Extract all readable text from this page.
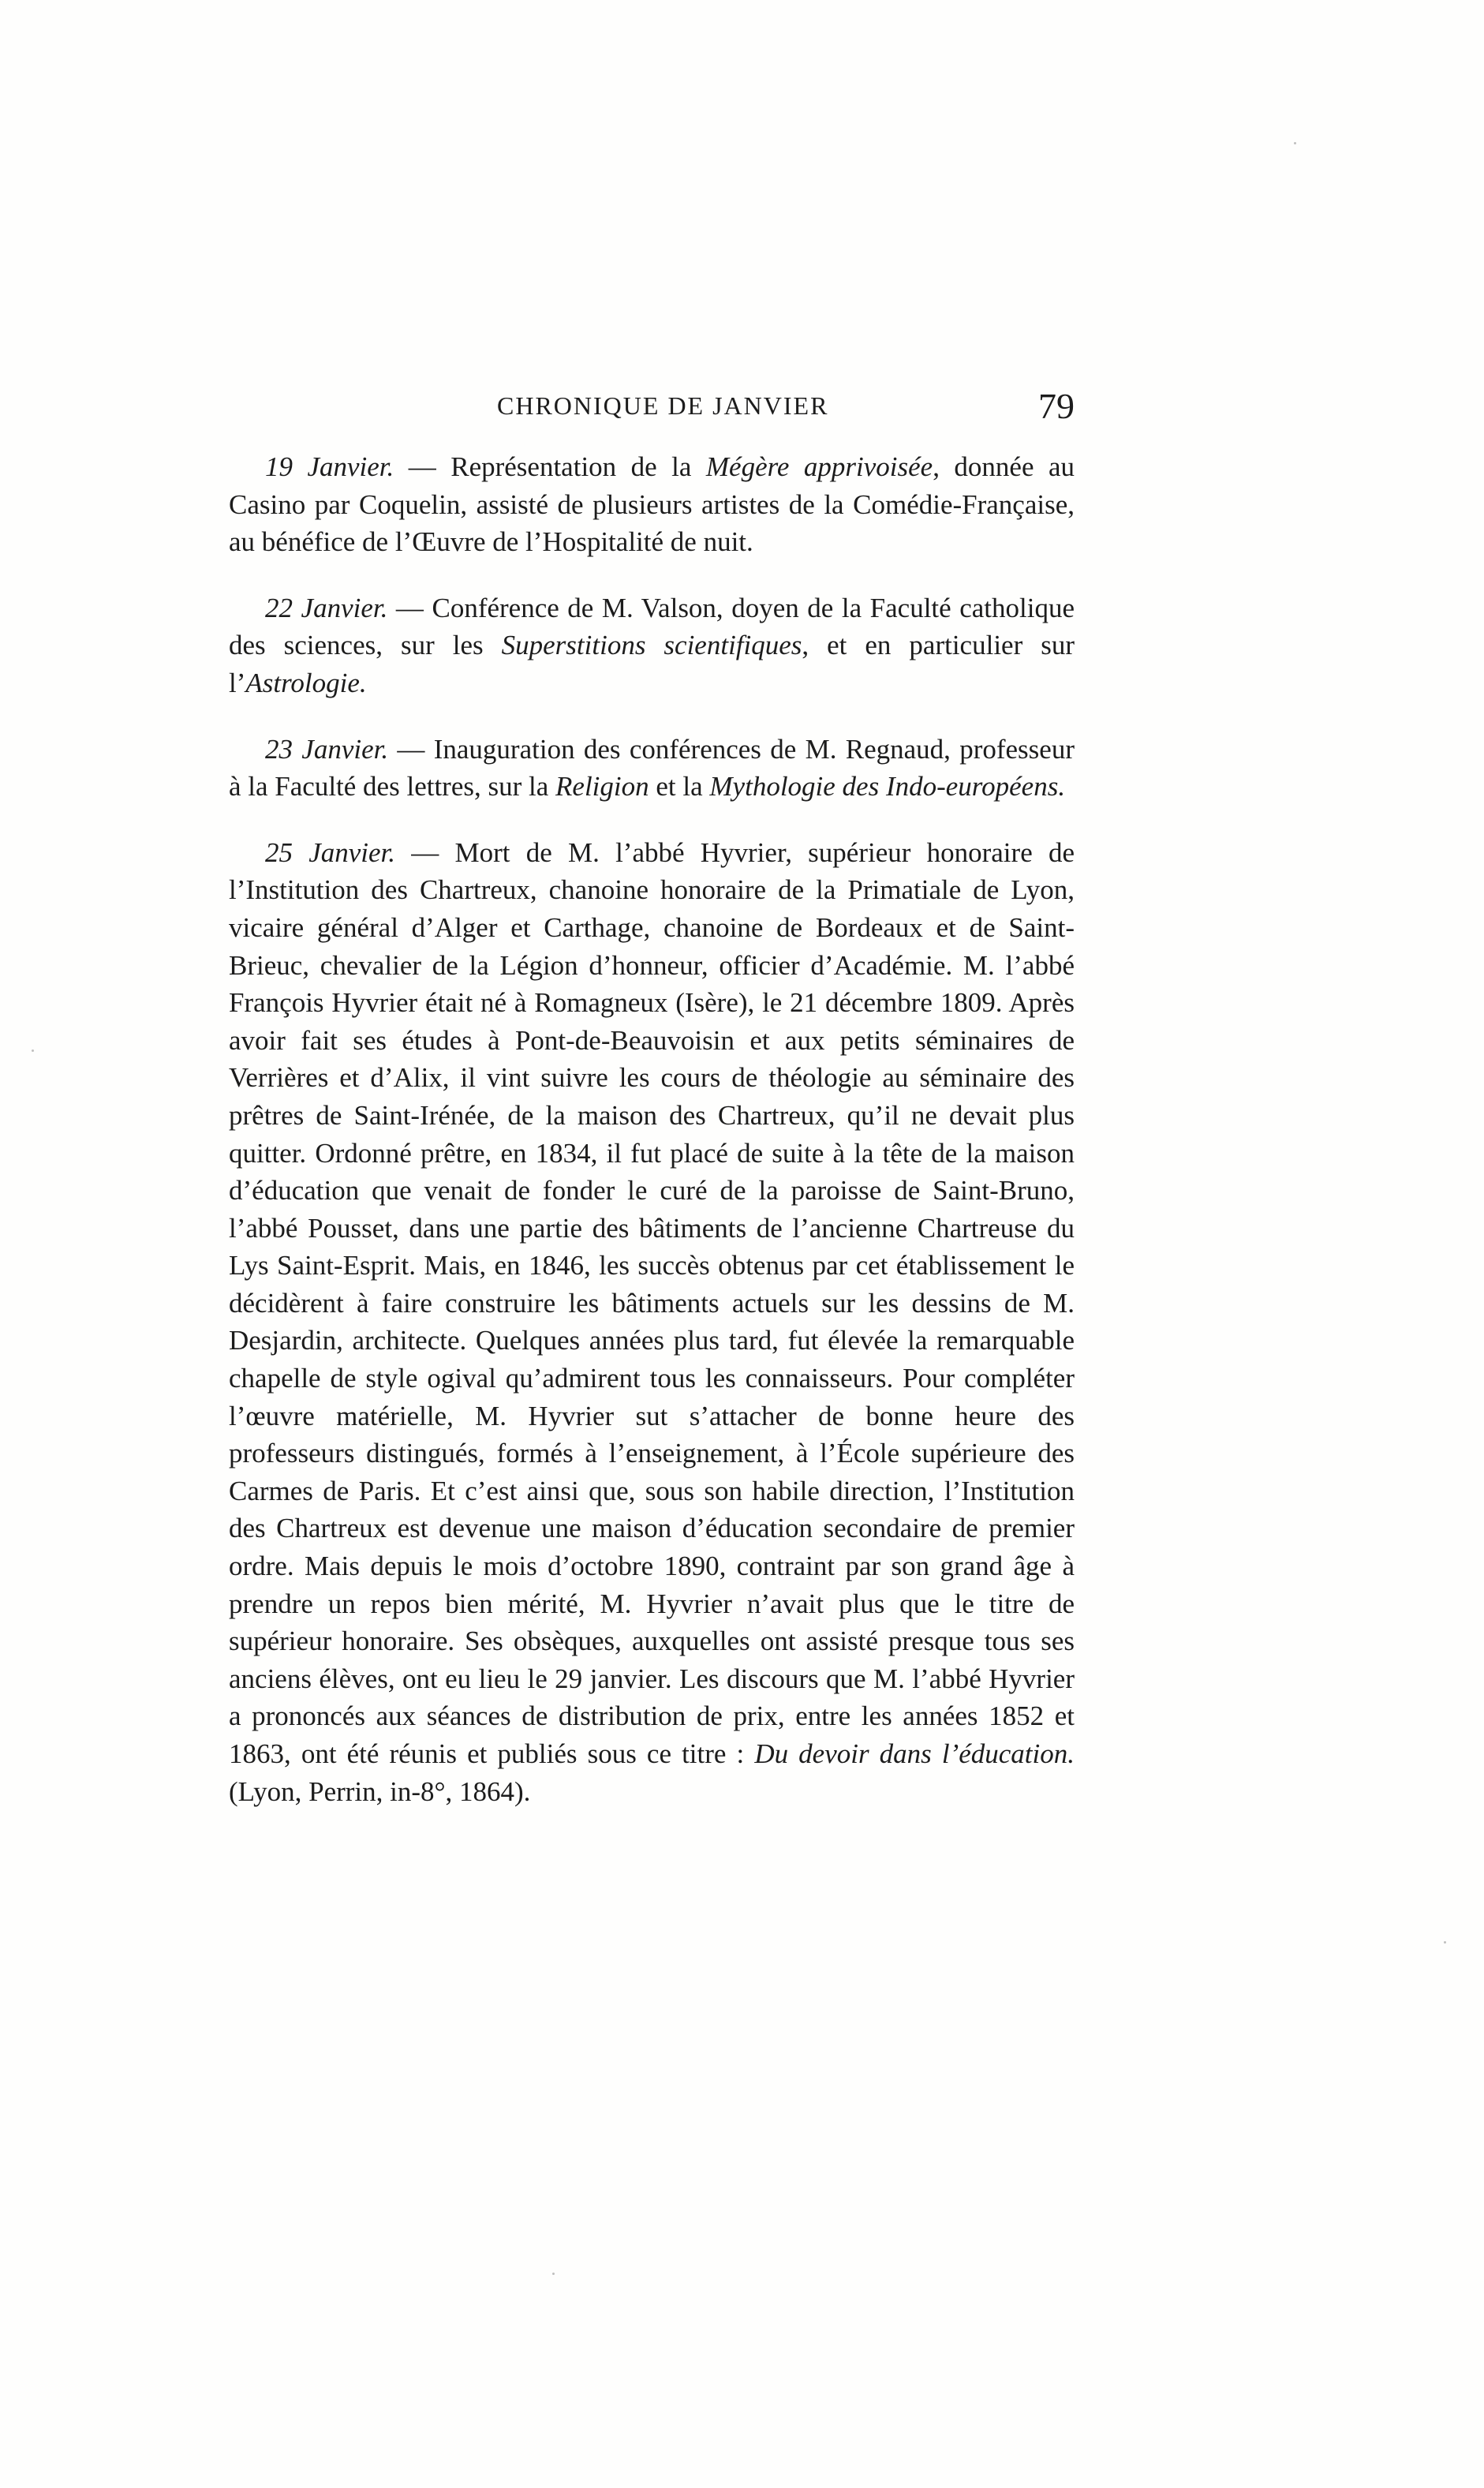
CHRONIQUE DE JANVIER	79

19 Janvier. — Représentation de la Mégère apprivoisée, donnée au Casino par Coquelin, assisté de plusieurs artistes de la Comédie-Française, au bénéfice de l’Œuvre de l’Hospitalité de nuit.

22 Janvier. — Conférence de M. Valson, doyen de la Faculté catholique des sciences, sur les Superstitions scientifiques, et en particulier sur l’Astrologie.

23 Janvier. — Inauguration des conférences de M. Regnaud, professeur à la Faculté des lettres, sur la Religion et la Mythologie des Indo-européens.

25 Janvier. — Mort de M. l’abbé Hyvrier, supérieur honoraire de l’Institution des Chartreux, chanoine honoraire de la Primatiale de Lyon, vicaire général d’Alger et Carthage, chanoine de Bordeaux et de Saint-Brieuc, chevalier de la Légion d’honneur, officier d’Académie. M. l’abbé François Hyvrier était né à Romagneux (Isère), le 21 décembre 1809. Après avoir fait ses études à Pont-de-Beauvoisin et aux petits séminaires de Verrières et d’Alix, il vint suivre les cours de théologie au séminaire des prêtres de Saint-Irénée, de la maison des Chartreux, qu’il ne devait plus quitter. Ordonné prêtre, en 1834, il fut placé de suite à la tête de la maison d’éducation que venait de fonder le curé de la paroisse de Saint-Bruno, l’abbé Pousset, dans une partie des bâtiments de l’ancienne Chartreuse du Lys Saint-Esprit. Mais, en 1846, les succès obtenus par cet établissement le décidèrent à faire construire les bâtiments actuels sur les dessins de M. Desjardin, architecte. Quelques années plus tard, fut élevée la remarquable chapelle de style ogival qu’admirent tous les connaisseurs. Pour compléter l’œuvre matérielle, M. Hyvrier sut s’attacher de bonne heure des professeurs distingués, formés à l’enseignement, à l’École supérieure des Carmes de Paris. Et c’est ainsi que, sous son habile direction, l’Institution des Chartreux est devenue une maison d’éducation secondaire de premier ordre. Mais depuis le mois d’octobre 1890, contraint par son grand âge à prendre un repos bien mérité, M. Hyvrier n’avait plus que le titre de supérieur honoraire. Ses obsèques, auxquelles ont assisté presque tous ses anciens élèves, ont eu lieu le 29 janvier. Les discours que M. l’abbé Hyvrier a prononcés aux séances de distribution de prix, entre les années 1852 et 1863, ont été réunis et publiés sous ce titre : Du devoir dans l’éducation. (Lyon, Perrin, in-8°, 1864).
